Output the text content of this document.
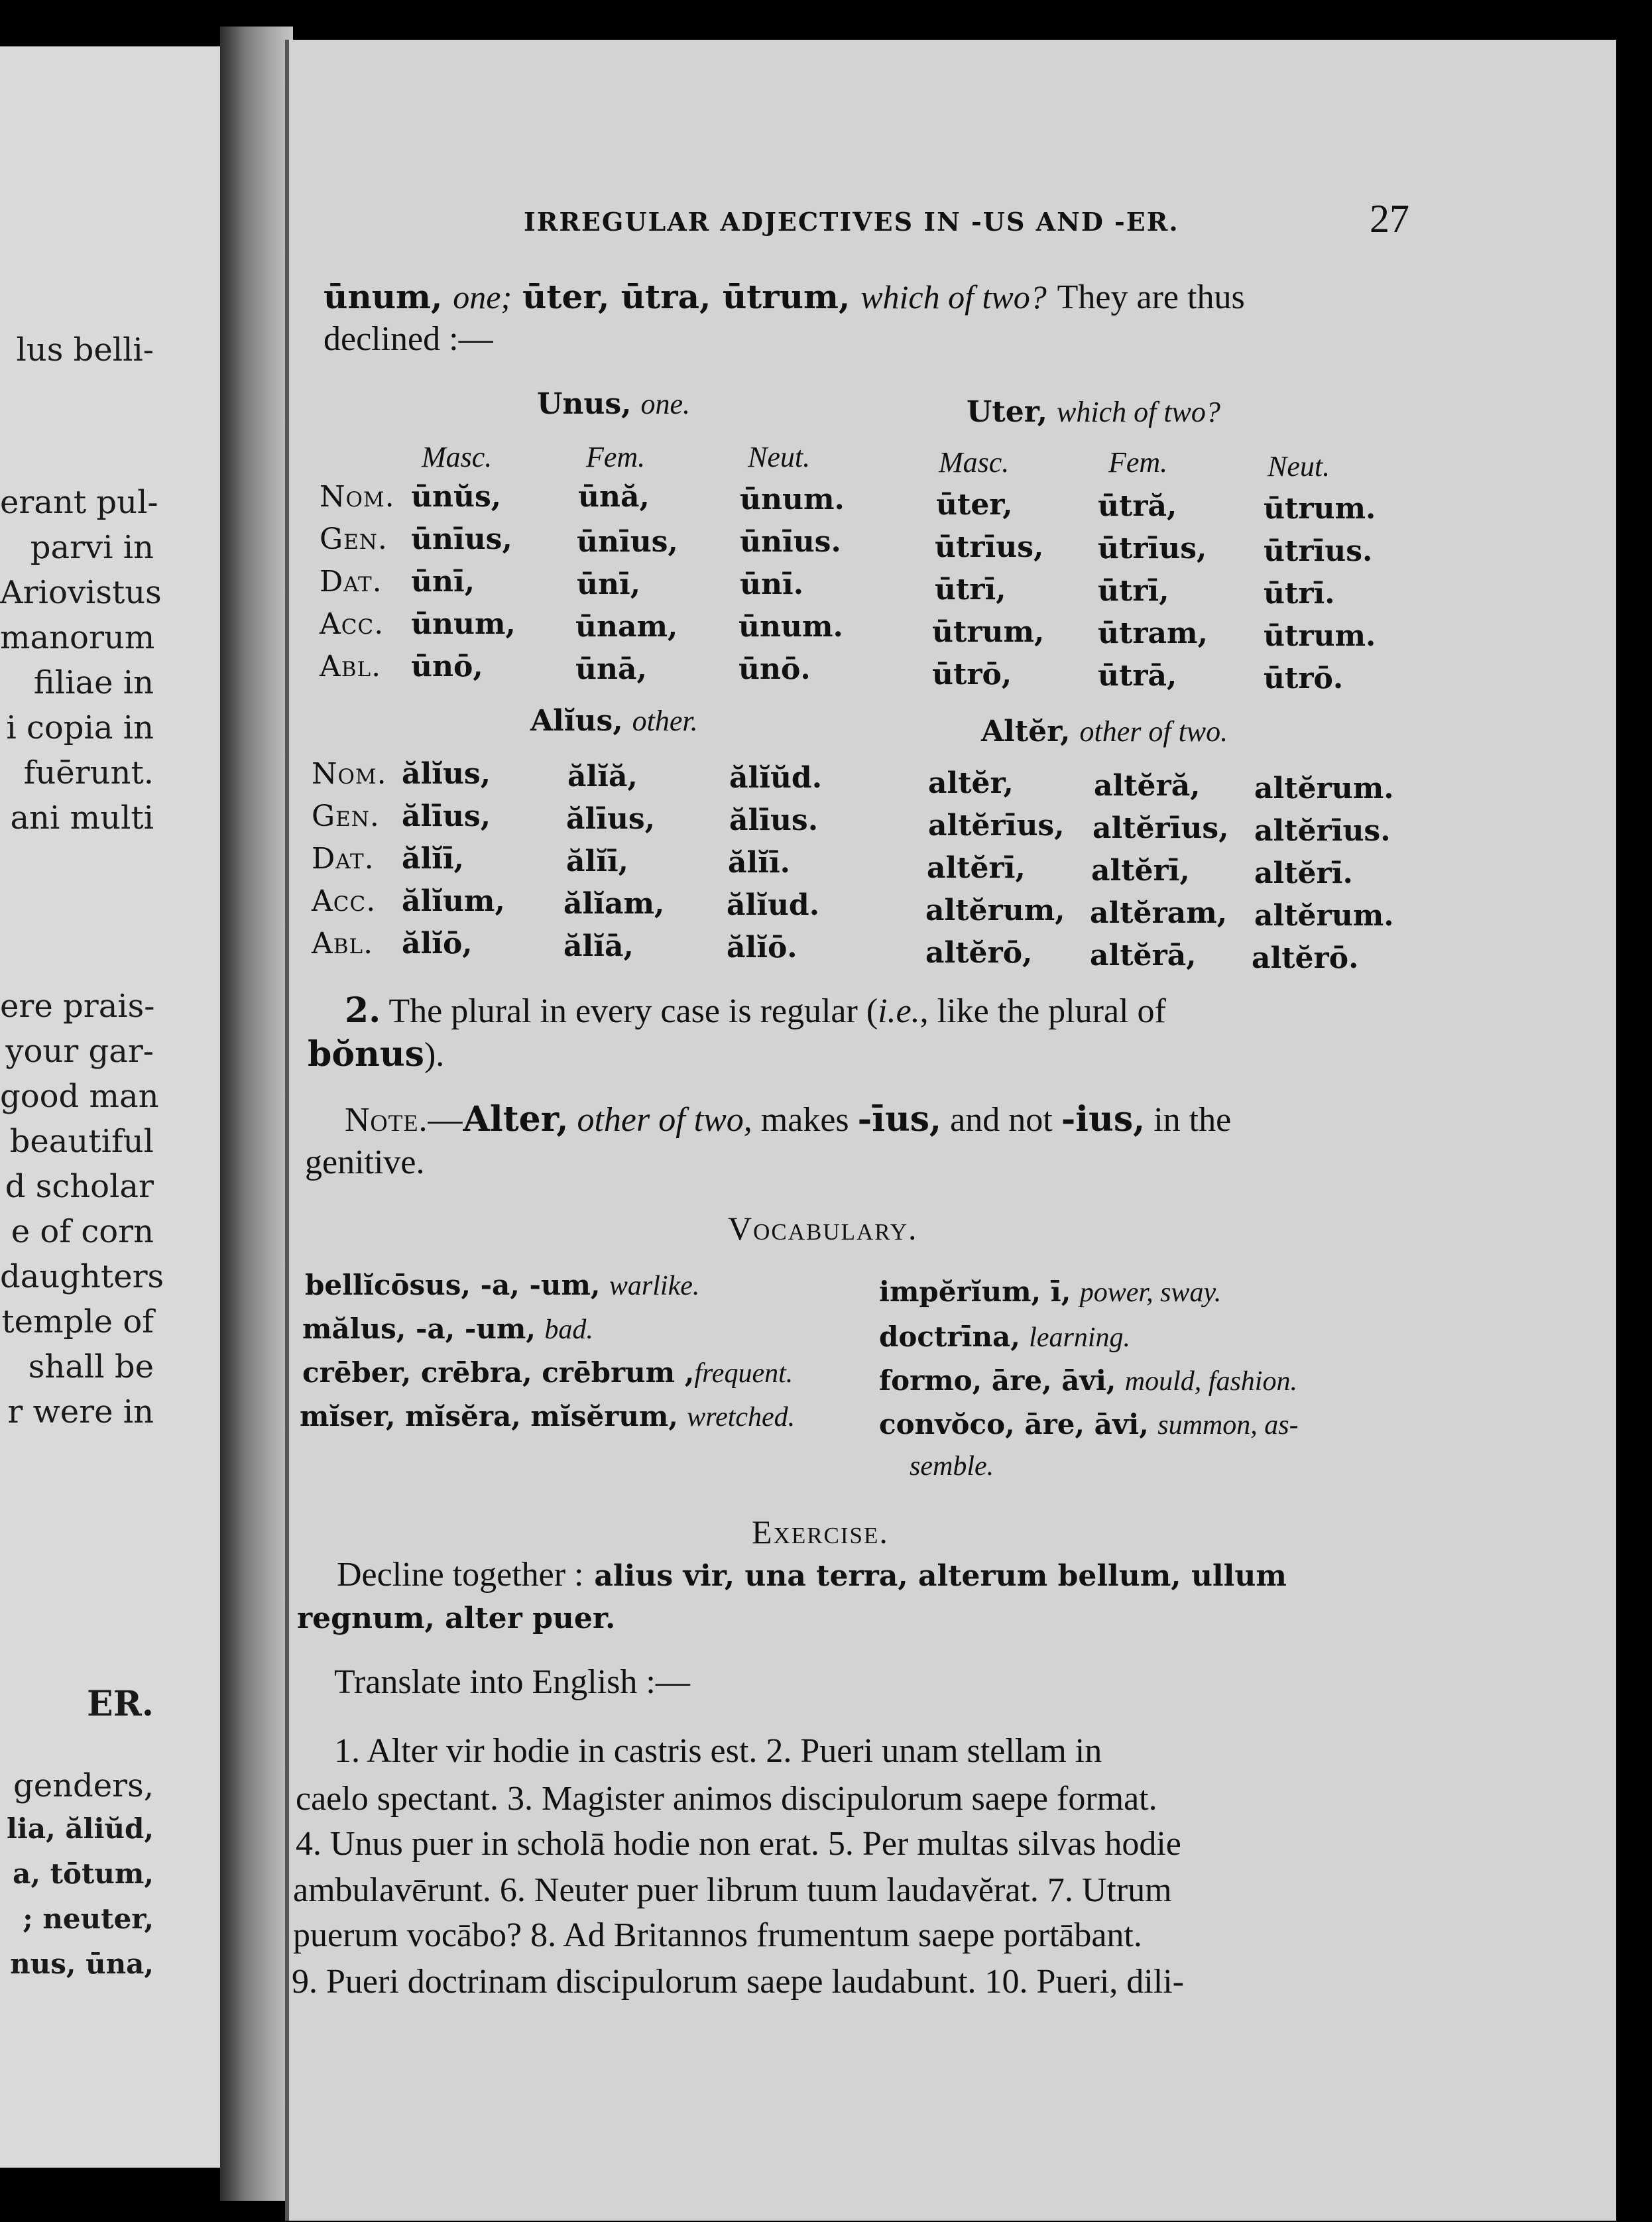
lus belli-
erant pul-
parvi in
Ariovistus
manorum
filiae in
i copia in
fuērunt.
ani multi
ere prais-
your gar-
good man
beautiful
d scholar
e of corn
daughters
temple of
shall be
r were in
ER.
genders,
lia, ăliŭd,
a, tōtum,
; neuter,
nus, ūna,
IRREGULAR ADJECTIVES IN -US AND -ER.	27
ūnum, one; ūter, ūtra, ūtrum, which of two? They are thus
declined :—
Unus, one.	Uter, which of two?
Masc.	Fem.	Neut.	Masc.	Fem.	Neut.
Nom. ūnŭs,	ūnă,	ūnum.	ūter,	ūtră,	ūtrum.
Gen. ūnīus, ūnīus, ūnīus.	ūtrīus, ūtrīus, ūtrīus.
Dat. ūnī,	ūnī,	ūnī.	ūtrī,	ūtrī,	ūtrī.
Acc. ūnum, ūnam, ūnum.	ūtrum, ūtram, ūtrum.
Abl. ūnō,	ūnā,	ūnō.	ūtrō,	ūtrā,	ūtrō.
Alĭus, other.	Altĕr, other of two.
Nom. ălĭus,	ălĭă,	ălĭŭd.	altĕr,	altĕră, altĕrum.
Gen. ălīus,	ălīus,	ălīus.	altĕrīus, altĕrīus, altĕrīus.
Dat. ălĭī,	ălĭī,	ălĭī.	altĕrī, altĕrī, altĕrī.
Acc. ălĭum, ălĭam, ălĭud.	altĕrum, altĕram, altĕrum.
Abl. ălĭō,	ălĭā,	ălĭō.	altĕrō, altĕrā, altĕrō.
2. The plural in every case is regular (i.e., like the plural of
bŏnus).
Note.—Alter, other of two, makes -īus, and not -ius, in the
genitive.
Vocabulary.
bellĭcōsus, -a, -um, warlike.
mălus, -a, -um, bad.
crēber, crēbra, crēbrum ,frequent.
mĭser, mĭsĕra, mĭsĕrum, wretched.
impĕrĭum, ī, power, sway.
doctrīna, learning.
formo, āre, āvi, mould, fashion.
convŏco, āre, āvi, summon, as-
semble.
Exercise.
Decline together : alius vir, una terra, alterum bellum, ullum
regnum, alter puer.
Translate into English :—
1. Alter vir hodie in castris est. 2. Pueri unam stellam in
caelo spectant. 3. Magister animos discipulorum saepe format.
4. Unus puer in scholā hodie non erat. 5. Per multas silvas hodie
ambulavērunt. 6. Neuter puer librum tuum laudavĕrat. 7. Utrum
puerum vocābo? 8. Ad Britannos frumentum saepe portābant.
9. Pueri doctrinam discipulorum saepe laudabunt. 10. Pueri, dili-
